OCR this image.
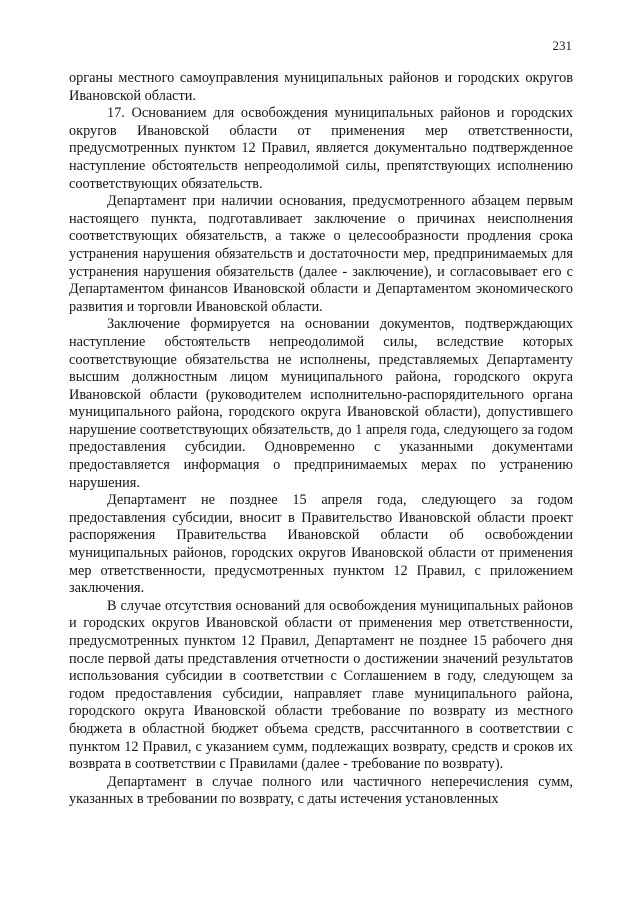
231

органы местного самоуправления муниципальных районов и городских округов Ивановской области.

17. Основанием для освобождения муниципальных районов и городских округов Ивановской области от применения мер ответственности, предусмотренных пунктом 12 Правил, является документально подтвержденное наступление обстоятельств непреодолимой силы, препятствующих исполнению соответствующих обязательств.

Департамент при наличии основания, предусмотренного абзацем первым настоящего пункта, подготавливает заключение о причинах неисполнения соответствующих обязательств, а также о целесообразности продления срока устранения нарушения обязательств и достаточности мер, предпринимаемых для устранения нарушения обязательств (далее - заключение), и согласовывает его с Департаментом финансов Ивановской области и Департаментом экономического развития и торговли Ивановской области.

Заключение формируется на основании документов, подтверждающих наступление обстоятельств непреодолимой силы, вследствие которых соответствующие обязательства не исполнены, представляемых Департаменту высшим должностным лицом муниципального района, городского округа Ивановской области (руководителем исполнительно-распорядительного органа муниципального района, городского округа Ивановской области), допустившего нарушение соответствующих обязательств, до 1 апреля года, следующего за годом предоставления субсидии. Одновременно с указанными документами предоставляется информация о предпринимаемых мерах по устранению нарушения.

Департамент не позднее 15 апреля года, следующего за годом предоставления субсидии, вносит в Правительство Ивановской области проект распоряжения Правительства Ивановской области об освобождении муниципальных районов, городских округов Ивановской области от применения мер ответственности, предусмотренных пунктом 12 Правил, с приложением заключения.

В случае отсутствия оснований для освобождения муниципальных районов и городских округов Ивановской области от применения мер ответственности, предусмотренных пунктом 12 Правил, Департамент не позднее 15 рабочего дня после первой даты представления отчетности о достижении значений результатов использования субсидии в соответствии с Соглашением в году, следующем за годом предоставления субсидии, направляет главе муниципального района, городского округа Ивановской области требование по возврату из местного бюджета в областной бюджет объема средств, рассчитанного в соответствии с пунктом 12 Правил, с указанием сумм, подлежащих возврату, средств и сроков их возврата в соответствии с Правилами (далее - требование по возврату).

Департамент в случае полного или частичного неперечисления сумм, указанных в требовании по возврату, с даты истечения установленных
